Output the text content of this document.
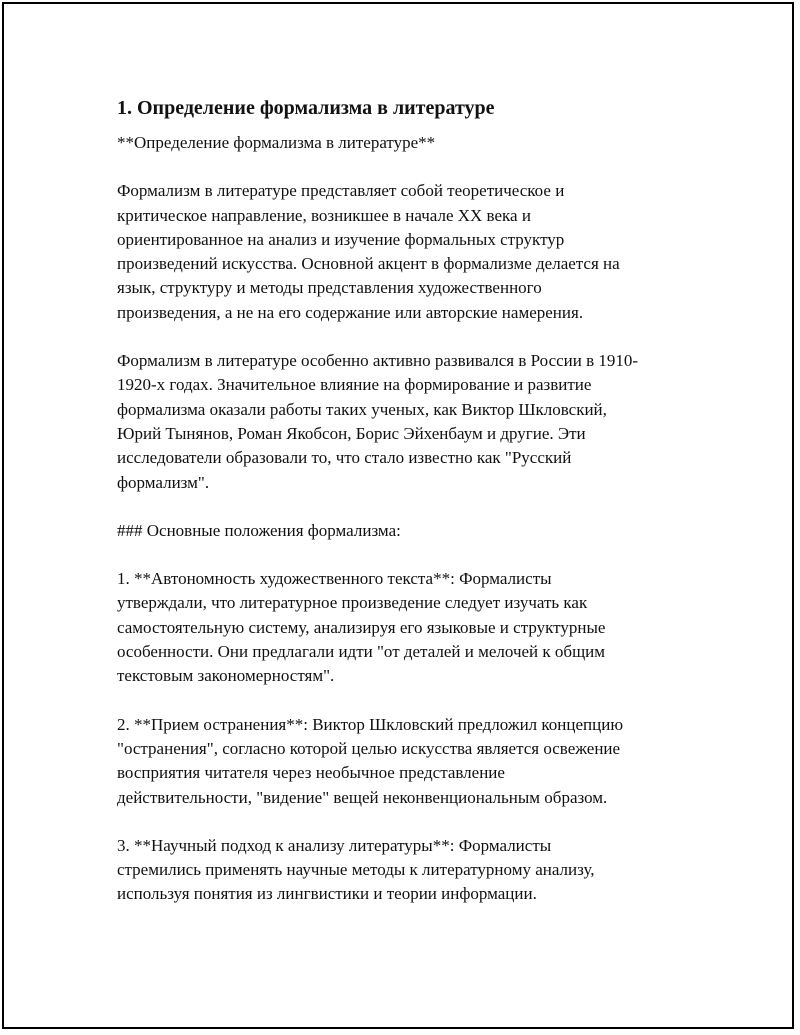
1. Определение формализма в литературе
**Определение формализма в литературе**
Формализм в литературе представляет собой теоретическое и
критическое направление, возникшее в начале XX века и
ориентированное на анализ и изучение формальных структур
произведений искусства. Основной акцент в формализме делается на
язык, структуру и методы представления художественного
произведения, а не на его содержание или авторские намерения.
Формализм в литературе особенно активно развивался в России в 1910-
1920-х годах. Значительное влияние на формирование и развитие
формализма оказали работы таких ученых, как Виктор Шкловский,
Юрий Тынянов, Роман Якобсон, Борис Эйхенбаум и другие. Эти
исследователи образовали то, что стало известно как "Русский
формализм".
### Основные положения формализма:
1. **Автономность художественного текста**: Формалисты
утверждали, что литературное произведение следует изучать как
самостоятельную систему, анализируя его языковые и структурные
особенности. Они предлагали идти "от деталей и мелочей к общим
текстовым закономерностям".
2. **Прием остранения**: Виктор Шкловский предложил концепцию
"остранения", согласно которой целью искусства является освежение
восприятия читателя через необычное представление
действительности, "видение" вещей неконвенциональным образом.
3. **Научный подход к анализу литературы**: Формалисты
стремились применять научные методы к литературному анализу,
используя понятия из лингвистики и теории информации.
